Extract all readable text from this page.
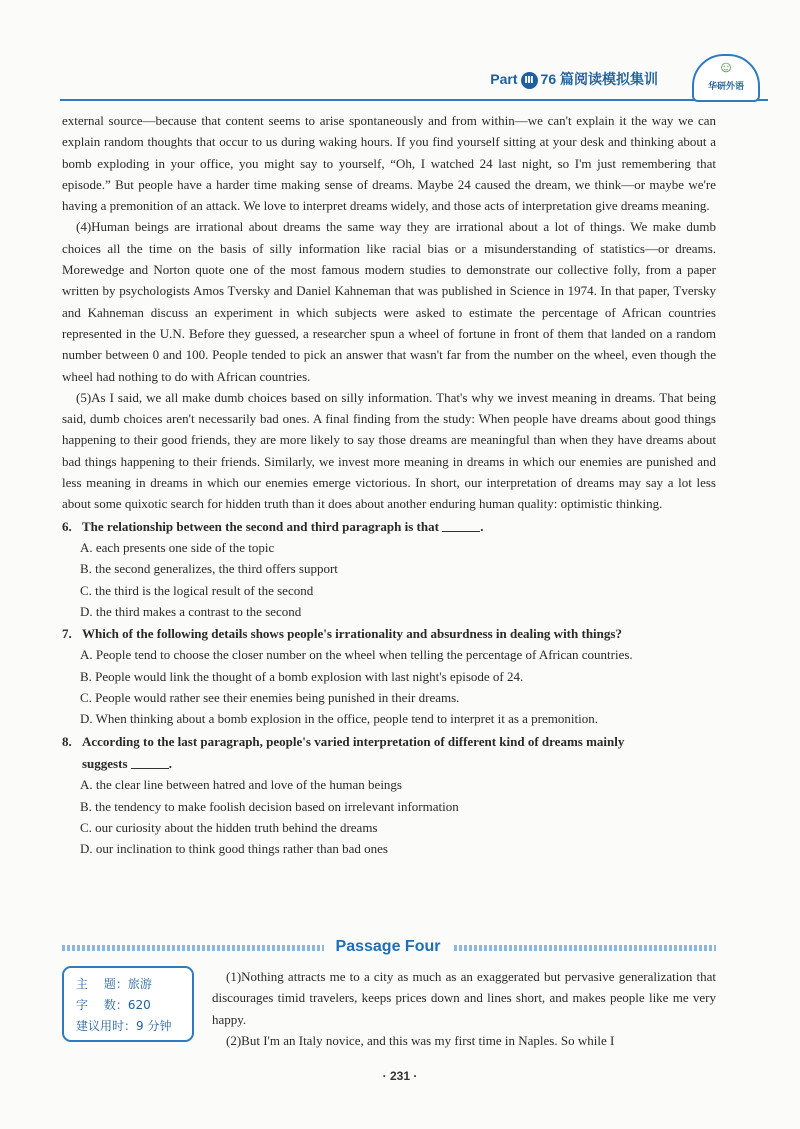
Part Ⅲ 76 篇阅读模拟集训
☺
华研外语

external source—because that content seems to arise spontaneously and from within—we can't explain it the way we can explain random thoughts that occur to us during waking hours. If you find yourself sitting at your desk and thinking about a bomb exploding in your office, you might say to yourself, “Oh, I watched 24 last night, so I'm just remembering that episode.” But people have a harder time making sense of dreams. Maybe 24 caused the dream, we think—or maybe we're having a premonition of an attack. We love to interpret dreams widely, and those acts of interpretation give dreams meaning.

(4)Human beings are irrational about dreams the same way they are irrational about a lot of things. We make dumb choices all the time on the basis of silly information like racial bias or a misunderstanding of statistics—or dreams. Morewedge and Norton quote one of the most famous modern studies to demonstrate our collective folly, from a paper written by psychologists Amos Tversky and Daniel Kahneman that was published in Science in 1974. In that paper, Tversky and Kahneman discuss an experiment in which subjects were asked to estimate the percentage of African countries represented in the U.N. Before they guessed, a researcher spun a wheel of fortune in front of them that landed on a random number between 0 and 100. People tended to pick an answer that wasn't far from the number on the wheel, even though the wheel had nothing to do with African countries.

(5)As I said, we all make dumb choices based on silly information. That's why we invest meaning in dreams. That being said, dumb choices aren't necessarily bad ones. A final finding from the study: When people have dreams about good things happening to their good friends, they are more likely to say those dreams are meaningful than when they have dreams about bad things happening to their friends. Similarly, we invest more meaning in dreams in which our enemies are punished and less meaning in dreams in which our enemies emerge victorious. In short, our interpretation of dreams may say a lot less about some quixotic search for hidden truth than it does about another enduring human quality: optimistic thinking.

6. The relationship between the second and third paragraph is that	.

A. each presents one side of the topic

B. the second generalizes, the third offers support

C. the third is the logical result of the second

D. the third makes a contrast to the second

7. Which of the following details shows people's irrationality and absurdness in dealing with things?

A. People tend to choose the closer number on the wheel when telling the percentage of African countries.

B. People would link the thought of a bomb explosion with last night's episode of 24.

C. People would rather see their enemies being punished in their dreams.

D. When thinking about a bomb explosion in the office, people tend to interpret it as a premonition.

8. According to the last paragraph, people's varied interpretation of different kind of dreams mainly

suggests	.

A. the clear line between hatred and love of the human beings

B. the tendency to make foolish decision based on irrelevant information

C. our curiosity about the hidden truth behind the dreams

D. our inclination to think good things rather than bad ones

Passage Four
主　 题：旅游
字　 数：620
建议用时：9 分钟

(1)Nothing attracts me to a city as much as an exaggerated but pervasive generalization that discourages timid travelers, keeps prices down and lines short, and makes people like me very happy.

(2)But I'm an Italy novice, and this was my first time in Naples. So while I

· 231 ·
